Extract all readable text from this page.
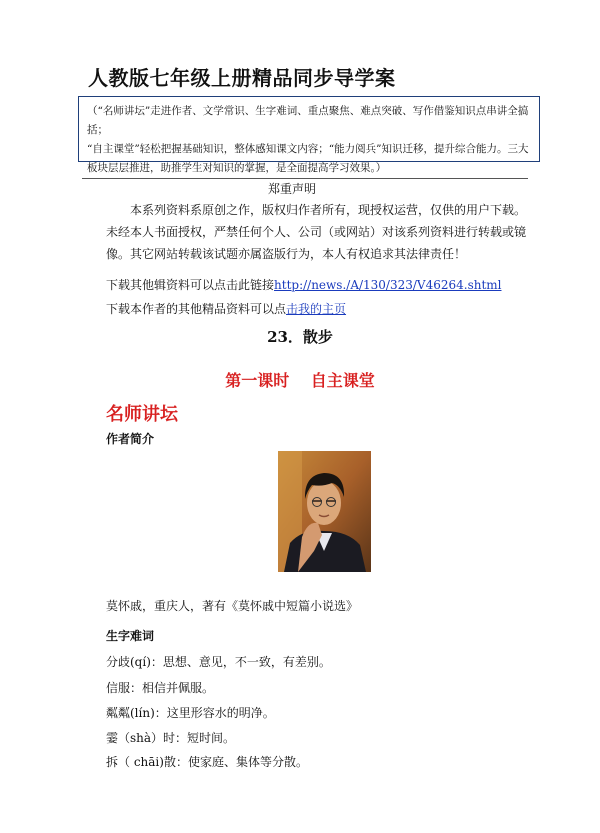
人教版七年级上册精品同步导学案

（“名师讲坛”走进作者、文学常识、生字难词、重点聚焦、难点突破、写作借鉴知识点串讲全搞括；

“自主课堂”轻松把握基础知识，整体感知课文内容；“能力阅兵”知识迁移，提升综合能力。三大

板块层层推进，助推学生对知识的掌握，是全面提高学习效果。）

郑重声明

本系列资料系原创之作，版权归作者所有，现授权运营，仅供的用户下载。未经本人书面授权，严禁任何个人、公司（或网站）对该系列资料进行转载或镜像。其它网站转载该试题亦属盗版行为，本人有权追求其法律责任！

下载其他辑资料可以点击此链接http://news./A/130/323/V46264.shtml
下载本作者的其他精品资料可以点击我的主页
23．散步
第一课时　 自主课堂
名师讲坛
作者简介
莫怀戚，重庆人，著有《莫怀戚中短篇小说选》
生字难词
分歧(qí)：思想、意见，不一致，有差别。
信服：相信并佩服。
粼粼(lín)：这里形容水的明净。
霎（shà）时：短时间。
拆（ chāi)散：使家庭、集体等分散。
